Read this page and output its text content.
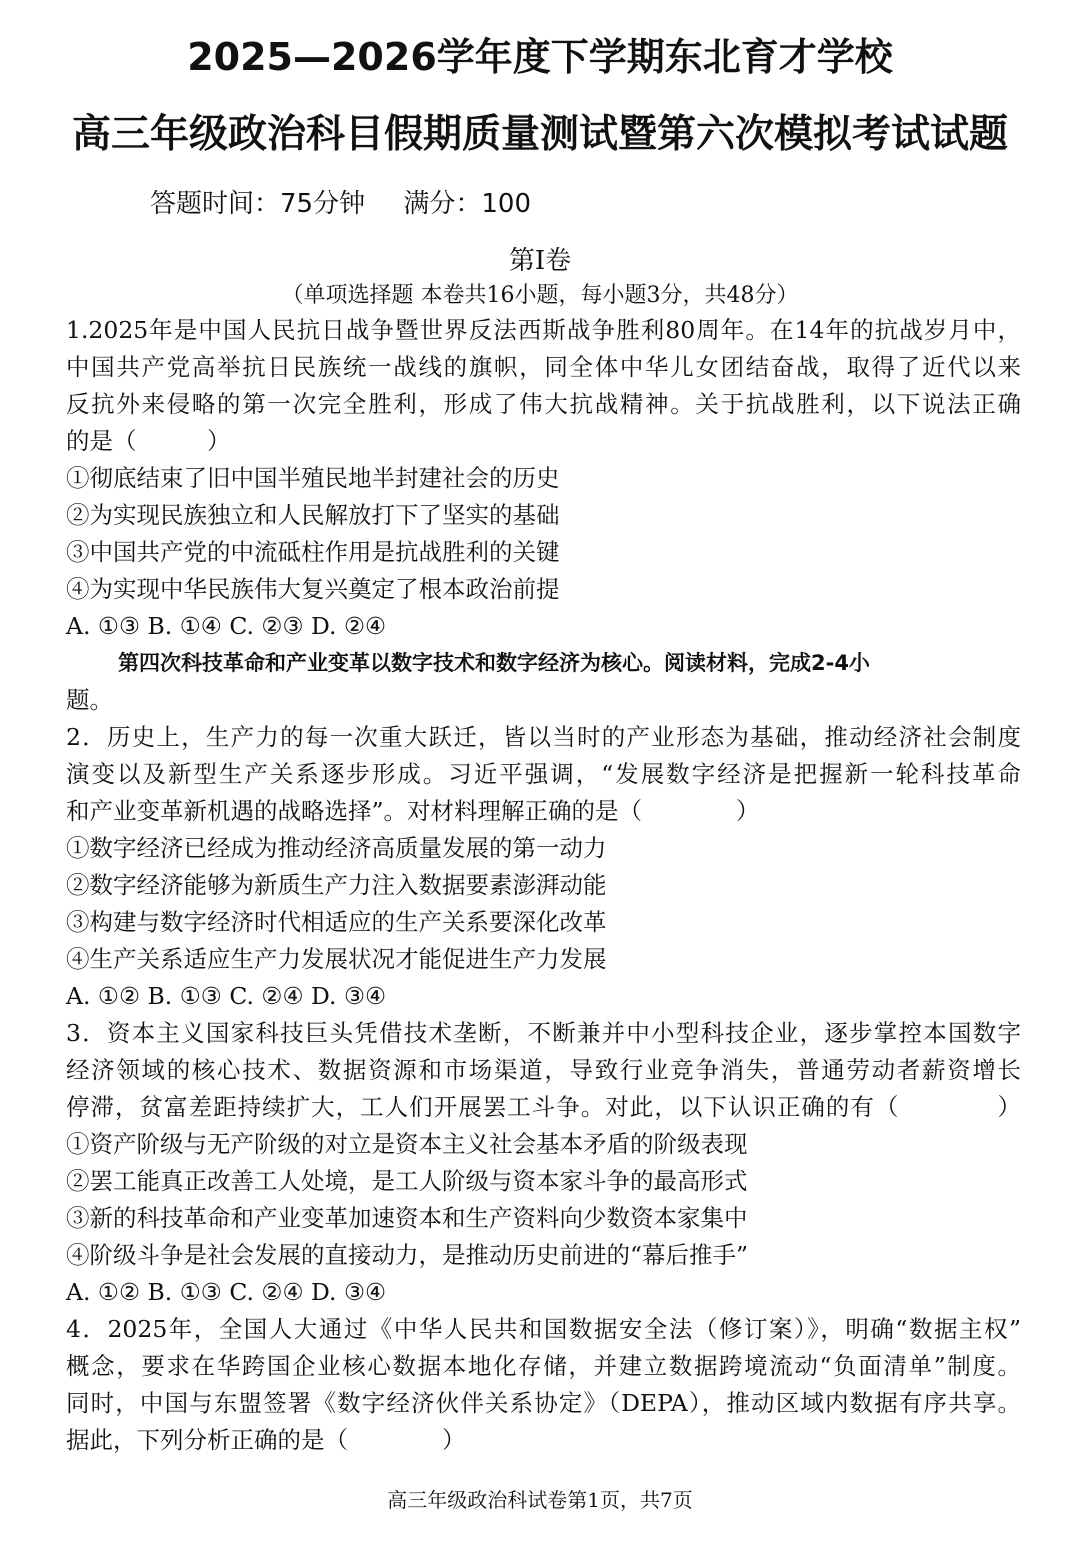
2025—2026学年度下学期东北育才学校
高三年级政治科目假期质量测试暨第六次模拟考试试题
答题时间：75分钟 满分：100
第Ⅰ卷
（单项选择题 本卷共16小题，每小题3分，共48分）
1.2025年是中国人民抗日战争暨世界反法西斯战争胜利80周年。在14年的抗战岁月中，
中国共产党高举抗日民族统一战线的旗帜，同全体中华儿女团结奋战，取得了近代以来
反抗外来侵略的第一次完全胜利，形成了伟大抗战精神。关于抗战胜利，以下说法正确
的是（　　　）
①彻底结束了旧中国半殖民地半封建社会的历史
②为实现民族独立和人民解放打下了坚实的基础
③中国共产党的中流砥柱作用是抗战胜利的关键
④为实现中华民族伟大复兴奠定了根本政治前提
A. ①③ B. ①④ C. ②③ D. ②④
第四次科技革命和产业变革以数字技术和数字经济为核心。阅读材料，完成2-4小
题。
2．历史上，生产力的每一次重大跃迁，皆以当时的产业形态为基础，推动经济社会制度
演变以及新型生产关系逐步形成。习近平强调，“发展数字经济是把握新一轮科技革命
和产业变革新机遇的战略选择”。对材料理解正确的是（　　　　）
①数字经济已经成为推动经济高质量发展的第一动力
②数字经济能够为新质生产力注入数据要素澎湃动能
③构建与数字经济时代相适应的生产关系要深化改革
④生产关系适应生产力发展状况才能促进生产力发展
A. ①② B. ①③ C. ②④ D. ③④
3．资本主义国家科技巨头凭借技术垄断，不断兼并中小型科技企业，逐步掌控本国数字
经济领域的核心技术、数据资源和市场渠道，导致行业竞争消失，普通劳动者薪资增长
停滞，贫富差距持续扩大，工人们开展罢工斗争。对此，以下认识正确的有（　　　　）
①资产阶级与无产阶级的对立是资本主义社会基本矛盾的阶级表现
②罢工能真正改善工人处境，是工人阶级与资本家斗争的最高形式
③新的科技革命和产业变革加速资本和生产资料向少数资本家集中
④阶级斗争是社会发展的直接动力，是推动历史前进的“幕后推手”
A. ①② B. ①③ C. ②④ D. ③④
4．2025年，全国人大通过《中华人民共和国数据安全法（修订案）》，明确“数据主权”
概念，要求在华跨国企业核心数据本地化存储，并建立数据跨境流动“负面清单”制度。
同时，中国与东盟签署《数字经济伙伴关系协定》（DEPA），推动区域内数据有序共享。
据此，下列分析正确的是（　　　　）
高三年级政治科试卷第1页，共7页
